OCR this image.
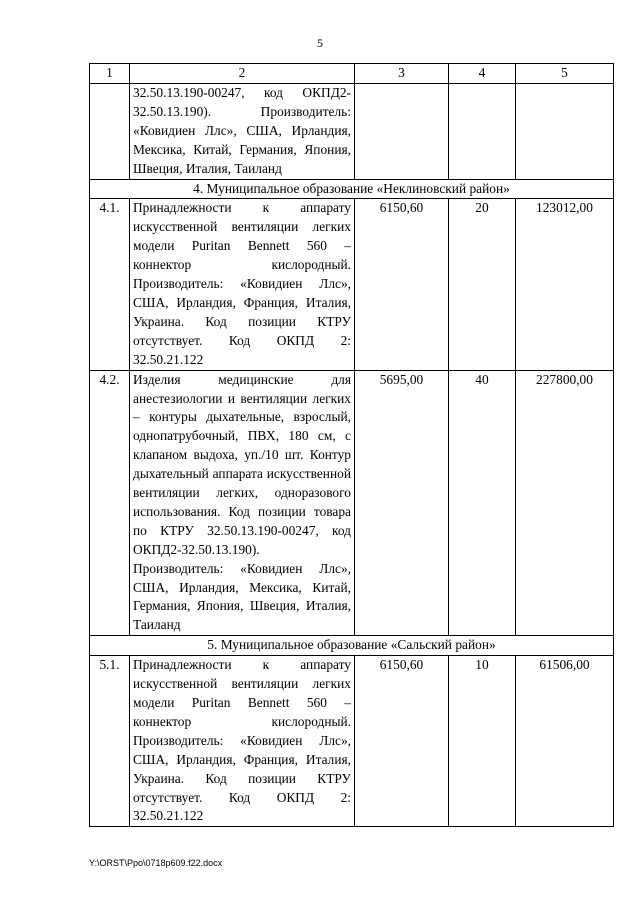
5
1	2	3	4	5
	32.50.13.190-00247, код ОКПД2-32.50.13.190). Производитель: «Ковидиен Ллс», США, Ирландия, Мексика, Китай, Германия, Япония, Швеция, Италия, Таиланд			
4. Муниципальное образование «Неклиновский район»				
4.1.	Принадлежности к аппарату искусственной вентиляции легких модели Puritan Bennett 560 – коннектор кислородный. Производитель: «Ковидиен Ллс», США, Ирландия, Франция, Италия, Украина. Код позиции КТРУ отсутствует. Код ОКПД 2: 32.50.21.122	6150,60	20	123012,00
4.2.	Изделия медицинские для анестезиологии и вентиляции легких – контуры дыхательные, взрослый, однопатрубочный, ПВХ, 180 см, с клапаном выдоха, уп./10 шт. Контур дыхательный аппарата искусственной вентиляции легких, одноразового использования. Код позиции товара по КТРУ 32.50.13.190-00247, код ОКПД2-32.50.13.190). Производитель: «Ковидиен Ллс», США, Ирландия, Мексика, Китай, Германия, Япония, Швеция, Италия, Таиланд	5695,00	40	227800,00
5. Муниципальное образование «Сальский район»				
5.1.	Принадлежности к аппарату искусственной вентиляции легких модели Puritan Bennett 560 – коннектор кислородный. Производитель: «Ковидиен Ллс», США, Ирландия, Франция, Италия, Украина. Код позиции КТРУ отсутствует. Код ОКПД 2: 32.50.21.122	6150,60	10	61506,00
Y:\ORST\Ppo\0718p609.f22.docx
